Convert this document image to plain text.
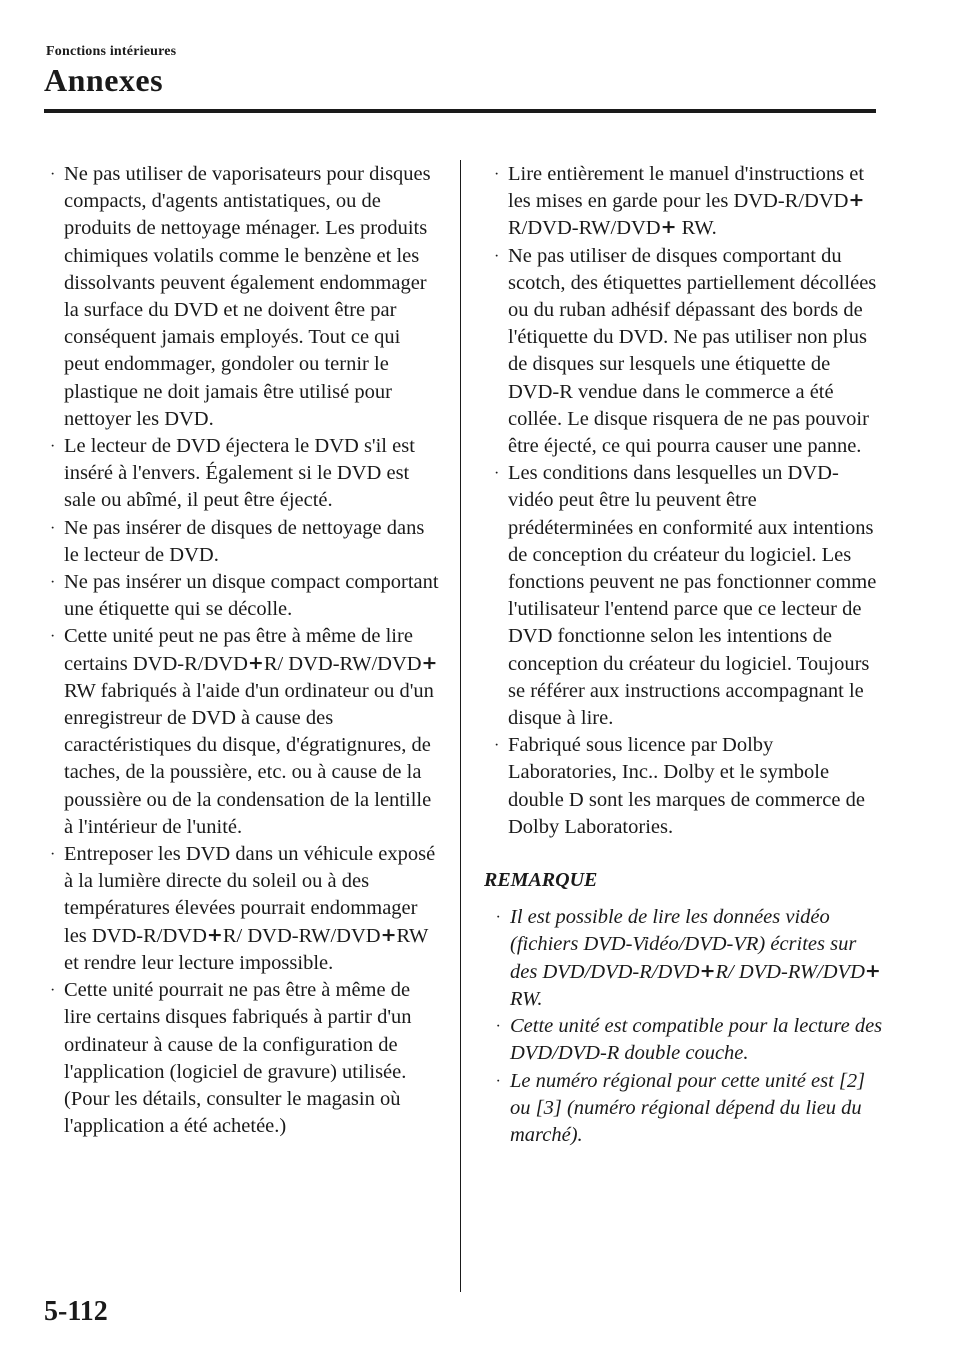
Fonctions intérieures
Annexes
· Ne pas utiliser de vaporisateurs pour disques compacts, d'agents antistatiques, ou de produits de nettoyage ménager. Les produits chimiques volatils comme le benzène et les dissolvants peuvent également endommager la surface du DVD et ne doivent être par conséquent jamais employés. Tout ce qui peut endommager, gondoler ou ternir le plastique ne doit jamais être utilisé pour nettoyer les DVD.
· Le lecteur de DVD éjectera le DVD s'il est inséré à l'envers. Également si le DVD est sale ou abîmé, il peut être éjecté.
· Ne pas insérer de disques de nettoyage dans le lecteur de DVD.
· Ne pas insérer un disque compact comportant une étiquette qui se décolle.
· Cette unité peut ne pas être à même de lire certains DVD-R/DVD+R/ DVD-RW/DVD+RW fabriqués à l'aide d'un ordinateur ou d'un enregistreur de DVD à cause des caractéristiques du disque, d'égratignures, de taches, de la poussière, etc. ou à cause de la poussière ou de la condensation de la lentille à l'intérieur de l'unité.
· Entreposer les DVD dans un véhicule exposé à la lumière directe du soleil ou à des températures élevées pourrait endommager les DVD-R/DVD+R/ DVD-RW/DVD+RW et rendre leur lecture impossible.
· Cette unité pourrait ne pas être à même de lire certains disques fabriqués à partir d'un ordinateur à cause de la configuration de l'application (logiciel de gravure) utilisée. (Pour les détails, consulter le magasin où l'application a été achetée.)
· Lire entièrement le manuel d'instructions et les mises en garde pour les DVD-R/DVD+R/DVD-RW/DVD+ RW.
· Ne pas utiliser de disques comportant du scotch, des étiquettes partiellement décollées ou du ruban adhésif dépassant des bords de l'étiquette du DVD. Ne pas utiliser non plus de disques sur lesquels une étiquette de DVD-R vendue dans le commerce a été collée. Le disque risquera de ne pas pouvoir être éjecté, ce qui pourra causer une panne.
· Les conditions dans lesquelles un DVD-vidéo peut être lu peuvent être prédéterminées en conformité aux intentions de conception du créateur du logiciel. Les fonctions peuvent ne pas fonctionner comme l'utilisateur l'entend parce que ce lecteur de DVD fonctionne selon les intentions de conception du créateur du logiciel. Toujours se référer aux instructions accompagnant le disque à lire.
· Fabriqué sous licence par Dolby Laboratories, Inc.. Dolby et le symbole double D sont les marques de commerce de Dolby Laboratories.
REMARQUE
· Il est possible de lire les données vidéo (fichiers DVD-Vidéo/DVD-VR) écrites sur des DVD/DVD-R/DVD+R/ DVD-RW/DVD+RW.
· Cette unité est compatible pour la lecture des DVD/DVD-R double couche.
· Le numéro régional pour cette unité est [2] ou [3] (numéro régional dépend du lieu du marché).
5-112
